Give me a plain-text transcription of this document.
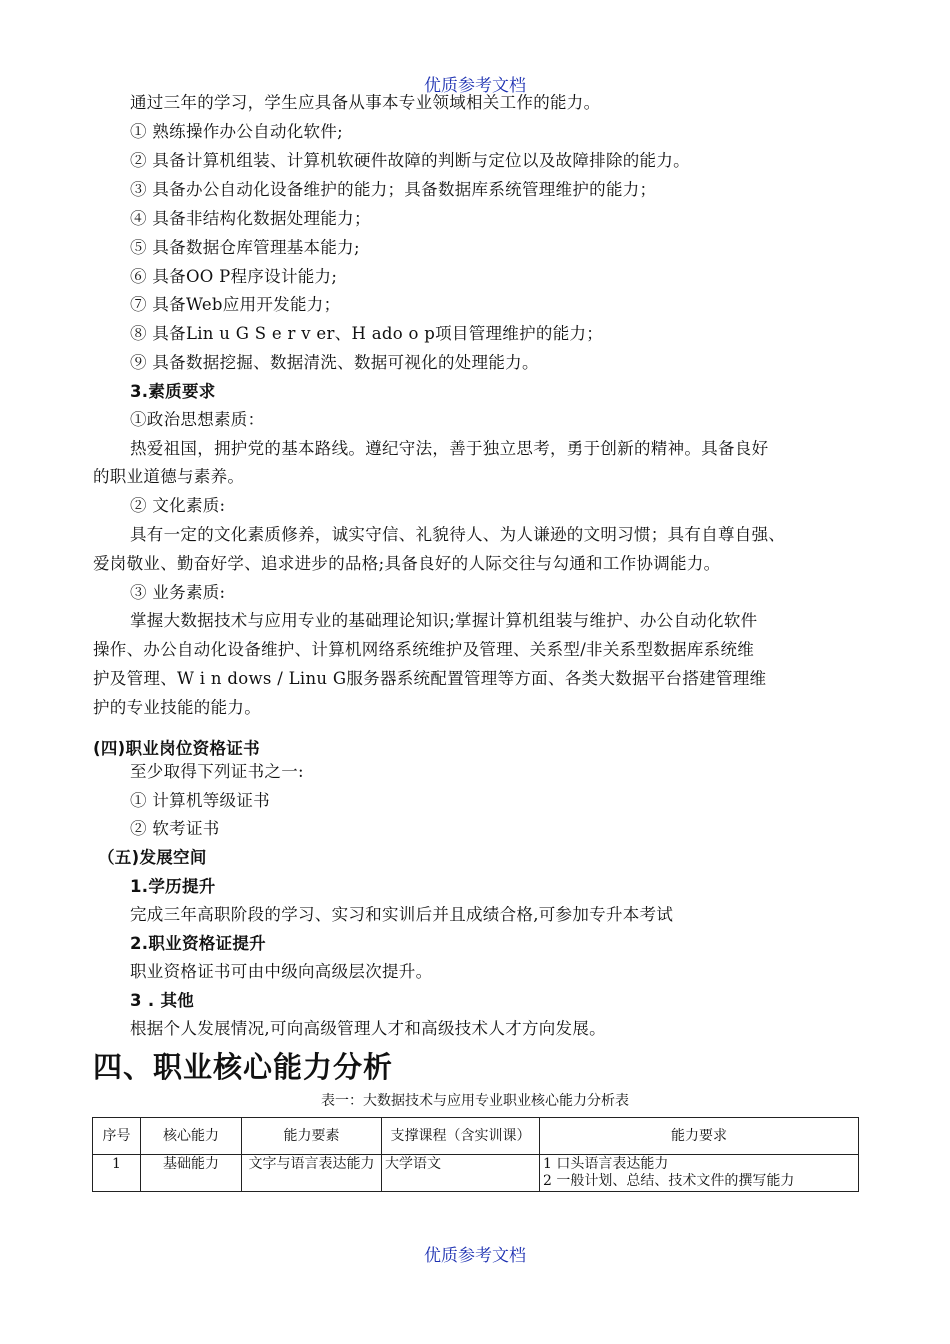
优质参考文档
通过三年的学习，学生应具备从事本专业领域相关工作的能力。
① 熟练操作办公自动化软件;
② 具备计算机组装、计算机软硬件故障的判断与定位以及故障排除的能力。
③ 具备办公自动化设备维护的能力；具备数据库系统管理维护的能力；
④ 具备非结构化数据处理能力；
⑤ 具备数据仓库管理基本能力;
⑥ 具备OO P程序设计能力;
⑦ 具备Web应用开发能力；
⑧ 具备Lin u G S e r v er、H ado o p项目管理维护的能力；
⑨ 具备数据挖掘、数据清洗、数据可视化的处理能力。
3.素质要求
①政治思想素质：
热爱祖国，拥护党的基本路线。遵纪守法，善于独立思考，勇于创新的精神。具备良好
的职业道德与素养。
② 文化素质:
具有一定的文化素质修养，诚实守信、礼貌待人、为人谦逊的文明习惯；具有自尊自强、
爱岗敬业、勤奋好学、追求进步的品格;具备良好的人际交往与勾通和工作协调能力。
③ 业务素质:
掌握大数据技术与应用专业的基础理论知识;掌握计算机组装与维护、办公自动化软件
操作、办公自动化设备维护、计算机网络系统维护及管理、关系型/非关系型数据库系统维
护及管理、W i n dows / Linu G服务器系统配置管理等方面、各类大数据平台搭建管理维
护的专业技能的能力。
(四)职业岗位资格证书
至少取得下列证书之一:
① 计算机等级证书
② 软考证书
（五)发展空间
1.学历提升
完成三年高职阶段的学习、实习和实训后并且成绩合格,可参加专升本考试
2.职业资格证提升
职业资格证书可由中级向高级层次提升。
3 . 其他
根据个人发展情况,可向高级管理人才和高级技术人才方向发展。
四、职业核心能力分析
表一：大数据技术与应用专业职业核心能力分析表
序号	核心能力	能力要素	支撑课程（含实训课）	能力要求
1	基础能力	文字与语言表达能力	大学语文	1 口头语言表达能力
2 一般计划、总结、技术文件的撰写能力
优质参考文档
